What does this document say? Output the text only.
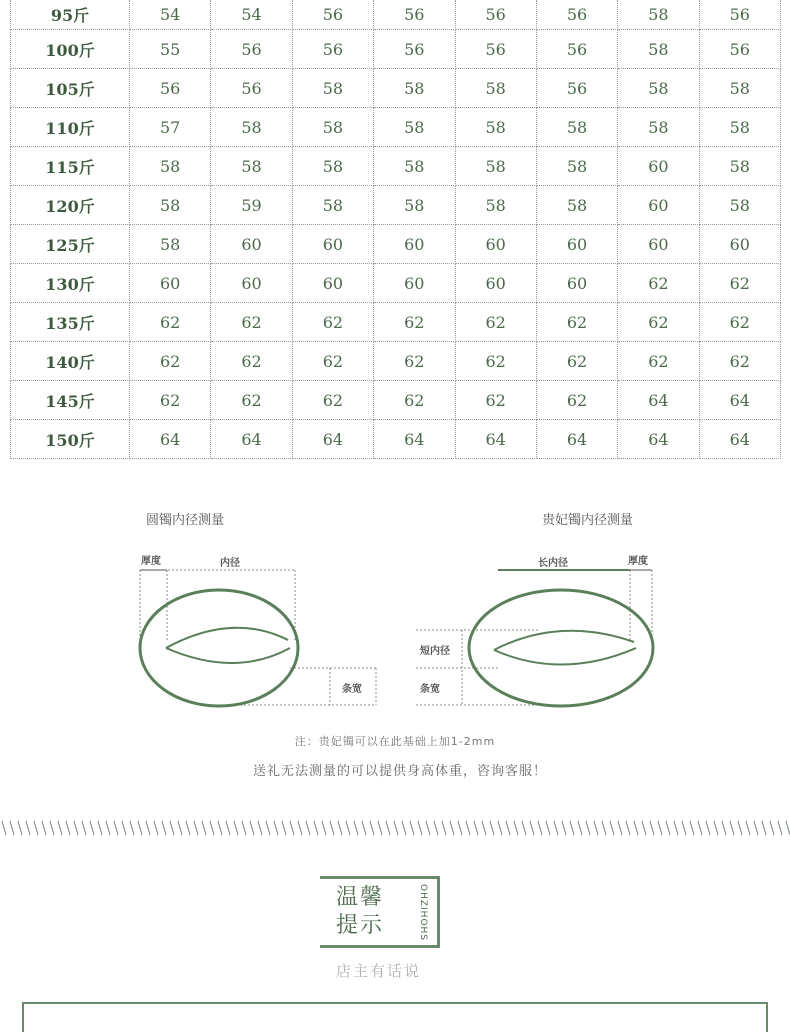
95斤	54	54	56	56	56	56	58	56
100斤	55	56	56	56	56	56	58	56
105斤	56	56	58	58	58	56	58	58
110斤	57	58	58	58	58	58	58	58
115斤	58	58	58	58	58	58	60	58
120斤	58	59	58	58	58	58	60	58
125斤	58	60	60	60	60	60	60	60
130斤	60	60	60	60	60	60	62	62
135斤	62	62	62	62	62	62	62	62
140斤	62	62	62	62	62	62	62	62
145斤	62	62	62	62	62	62	64	64
150斤	64	64	64	64	64	64	64	64
圆镯内径测量
厚度	内径
条宽
贵妃镯内径测量
长内径	厚度
短内径
条宽
注：贵妃镯可以在此基础上加1-2mm
送礼无法测量的可以提供身高体重，咨询客服！
温馨
提示	OHZIHOHS
店主有话说
